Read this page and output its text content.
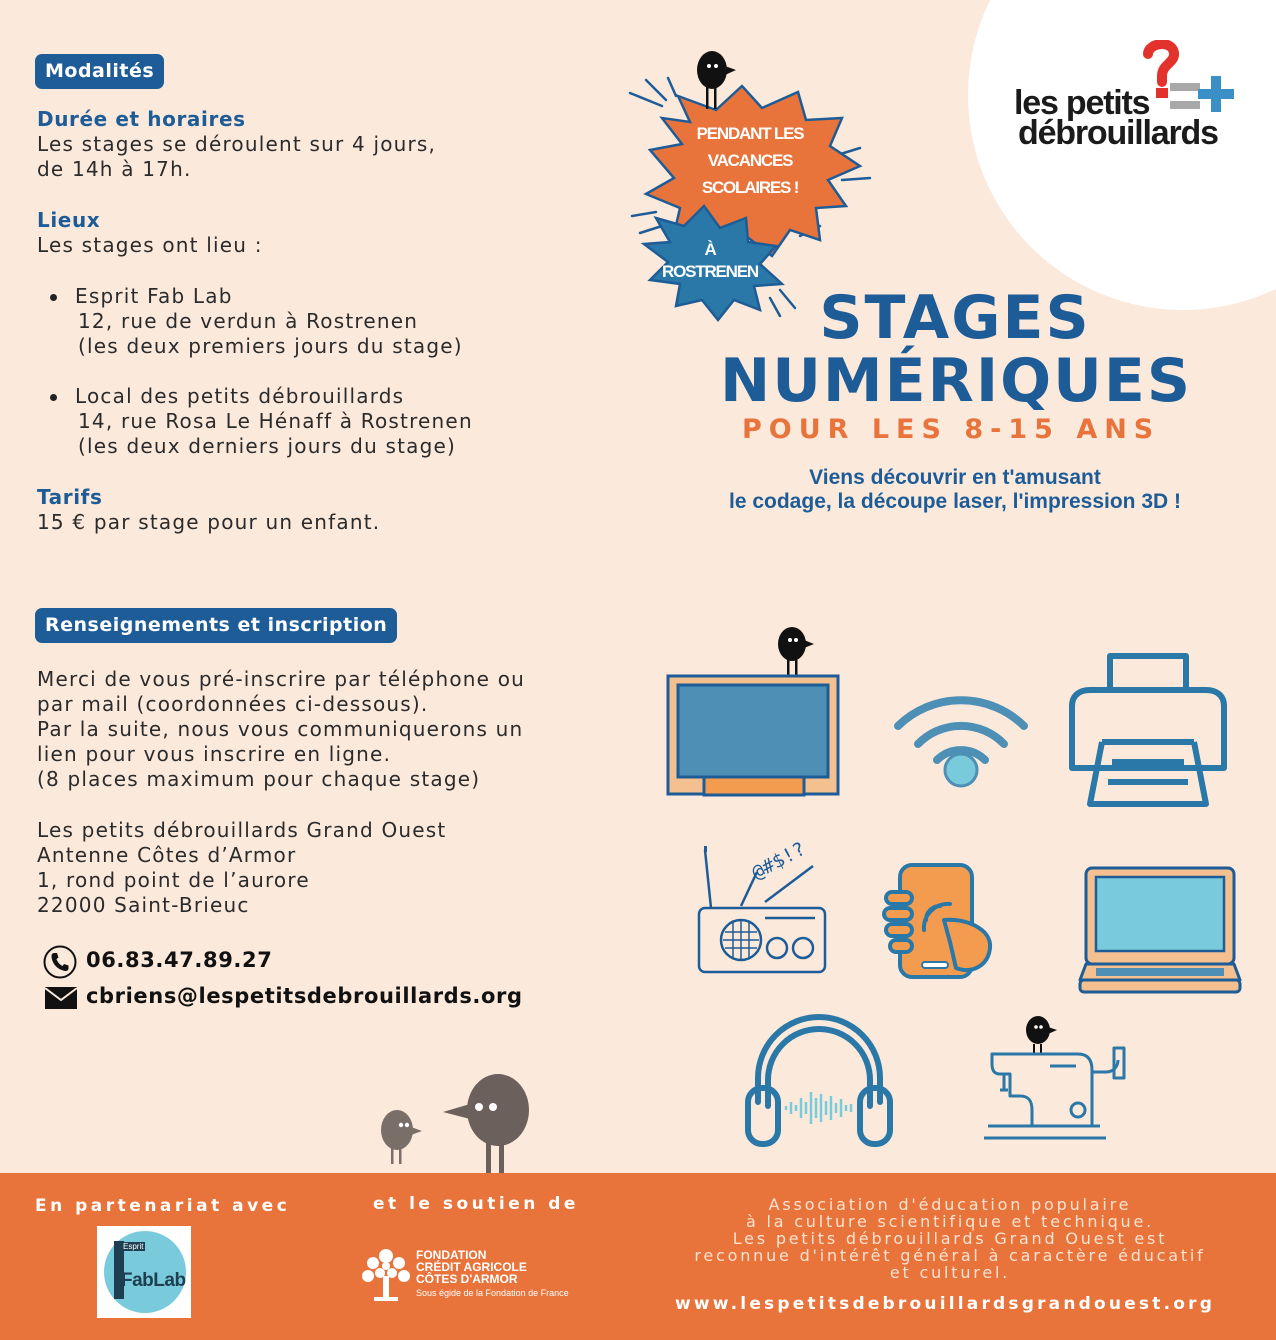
Modalités
Durée et horaires
Les stages se déroulent sur 4 jours,
de 14h à 17h.
Lieux
Les stages ont lieu :
Esprit Fab Lab
12, rue de verdun à Rostrenen
(les deux premiers jours du stage)
Local des petits débrouillards
14, rue Rosa Le Hénaff à Rostrenen
(les deux derniers jours du stage)
Tarifs
15 € par stage pour un enfant.
Renseignements et inscription
Merci de vous pré-inscrire par téléphone ou
par mail (coordonnées ci-dessous).
Par la suite, nous vous communiquerons un
lien pour vous inscrire en ligne.
(8 places maximum pour chaque stage)
Les petits débrouillards Grand Ouest
Antenne Côtes d’Armor
1, rond point de l’aurore
22000 Saint-Brieuc
06.83.47.89.27
cbriens@lespetitsdebrouillards.org
les petits
débrouillards
PENDANT LES
VACANCES
SCOLAIRES !
À
ROSTRENEN
STAGES
NUMÉRIQUES
POUR LES 8-15 ANS
Viens découvrir en t'amusant
le codage, la découpe laser, l'impression 3D !
@#$!?
En partenariat avec	et le soutien de
Esprit
FabLab
FONDATION
CRÉDIT AGRICOLE
CÔTES D'ARMOR
Sous égide de la Fondation de France
Association d'éducation populaire
à la culture scientifique et technique.
Les petits débrouillards Grand Ouest est
reconnue d'intérêt général à caractère éducatif
et culturel.
www.lespetitsdebrouillardsgrandouest.org
